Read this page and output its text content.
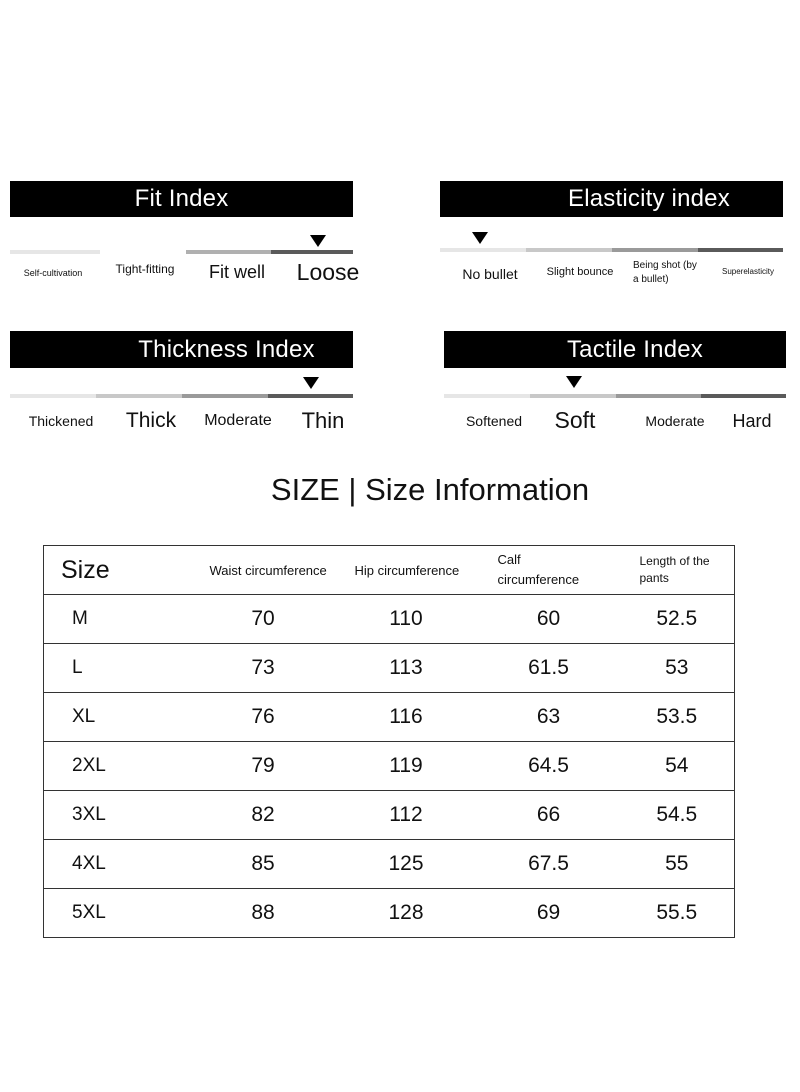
Fit Index
Self-cultivation	Tight-fitting	Fit well	Loose
Elasticity index
No bullet	Slight bounce
Being shot (by a bullet)
Superelasticity
Thickness Index
Thickened	Thick	Moderate	Thin
Tactile Index
Softened	Soft	Moderate	Hard
SIZE | Size Information
Size	Waist circumference	Hip circumference	Calf circumference	Length of the pants
M	70	110	60	52.5
L	73	113	61.5	53
XL	76	116	63	53.5
2XL	79	119	64.5	54
3XL	82	112	66	54.5
4XL	85	125	67.5	55
5XL	88	128	69	55.5
